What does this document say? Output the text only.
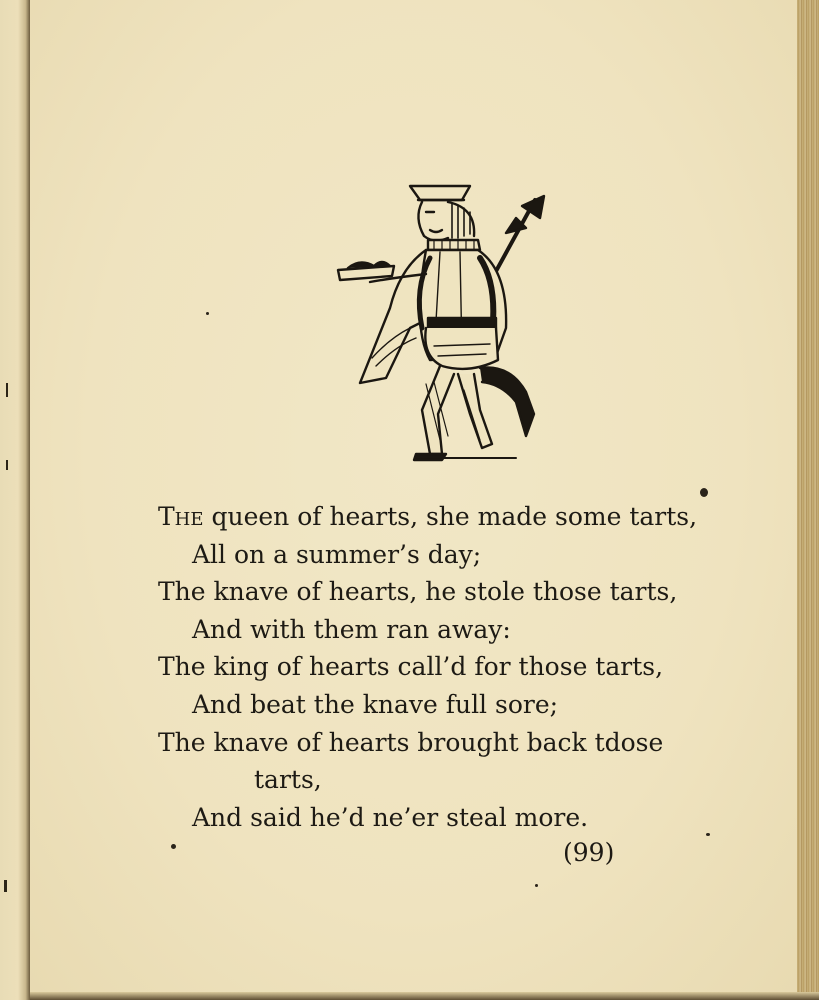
The queen of hearts, she made some tarts,
All on a summer’s day;
The knave of hearts, he stole those tarts,
And with them ran away:
The king of hearts call’d for those tarts,
And beat the knave full sore;
The knave of hearts brought back tdose
tarts,
And said he’d ne’er steal more.
(99)
